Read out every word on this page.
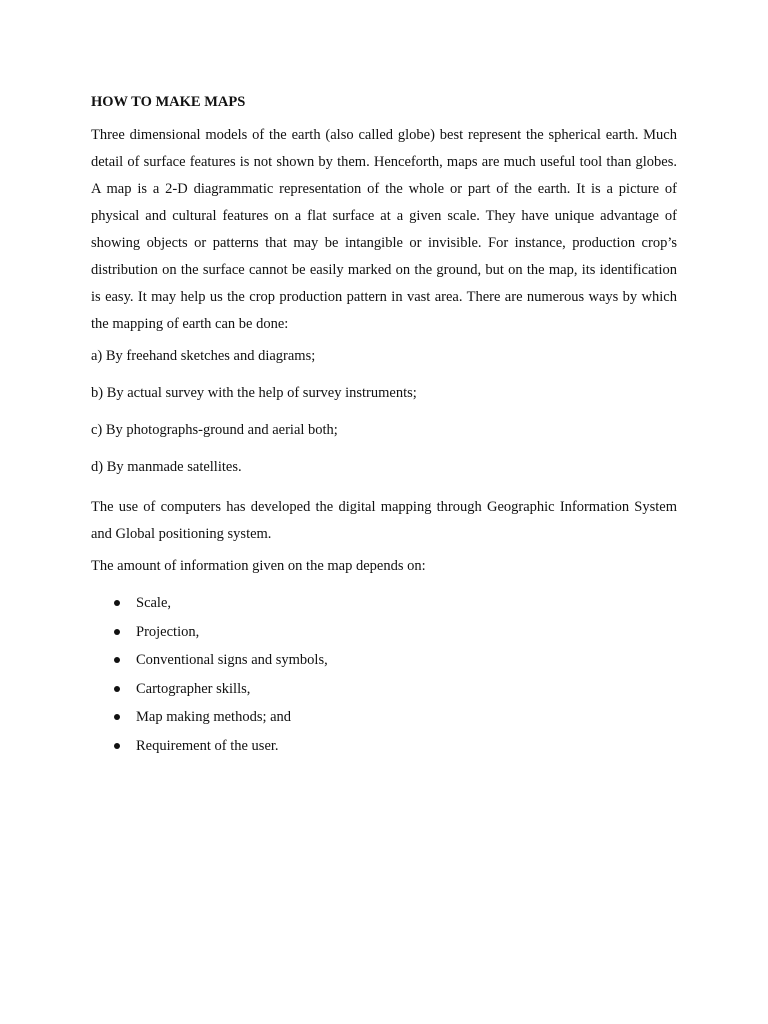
HOW TO MAKE MAPS

Three dimensional models of the earth (also called globe) best represent the spherical earth. Much detail of surface features is not shown by them. Henceforth, maps are much useful tool than globes. A map is a 2-D diagrammatic representation of the whole or part of the earth. It is a picture of physical and cultural features on a flat surface at a given scale. They have unique advantage of showing objects or patterns that may be intangible or invisible. For instance, production crop’s distribution on the surface cannot be easily marked on the ground, but on the map, its identification is easy. It may help us the crop production pattern in vast area. There are numerous ways by which the mapping of earth can be done:

a) By freehand sketches and diagrams;
b) By actual survey with the help of survey instruments;
c) By photographs-ground and aerial both;
d) By manmade satellites.

The use of computers has developed the digital mapping through Geographic Information System and Global positioning system.

The amount of information given on the map depends on:
Scale,
Projection,
Conventional signs and symbols,
Cartographer skills,
Map making methods; and
Requirement of the user.
